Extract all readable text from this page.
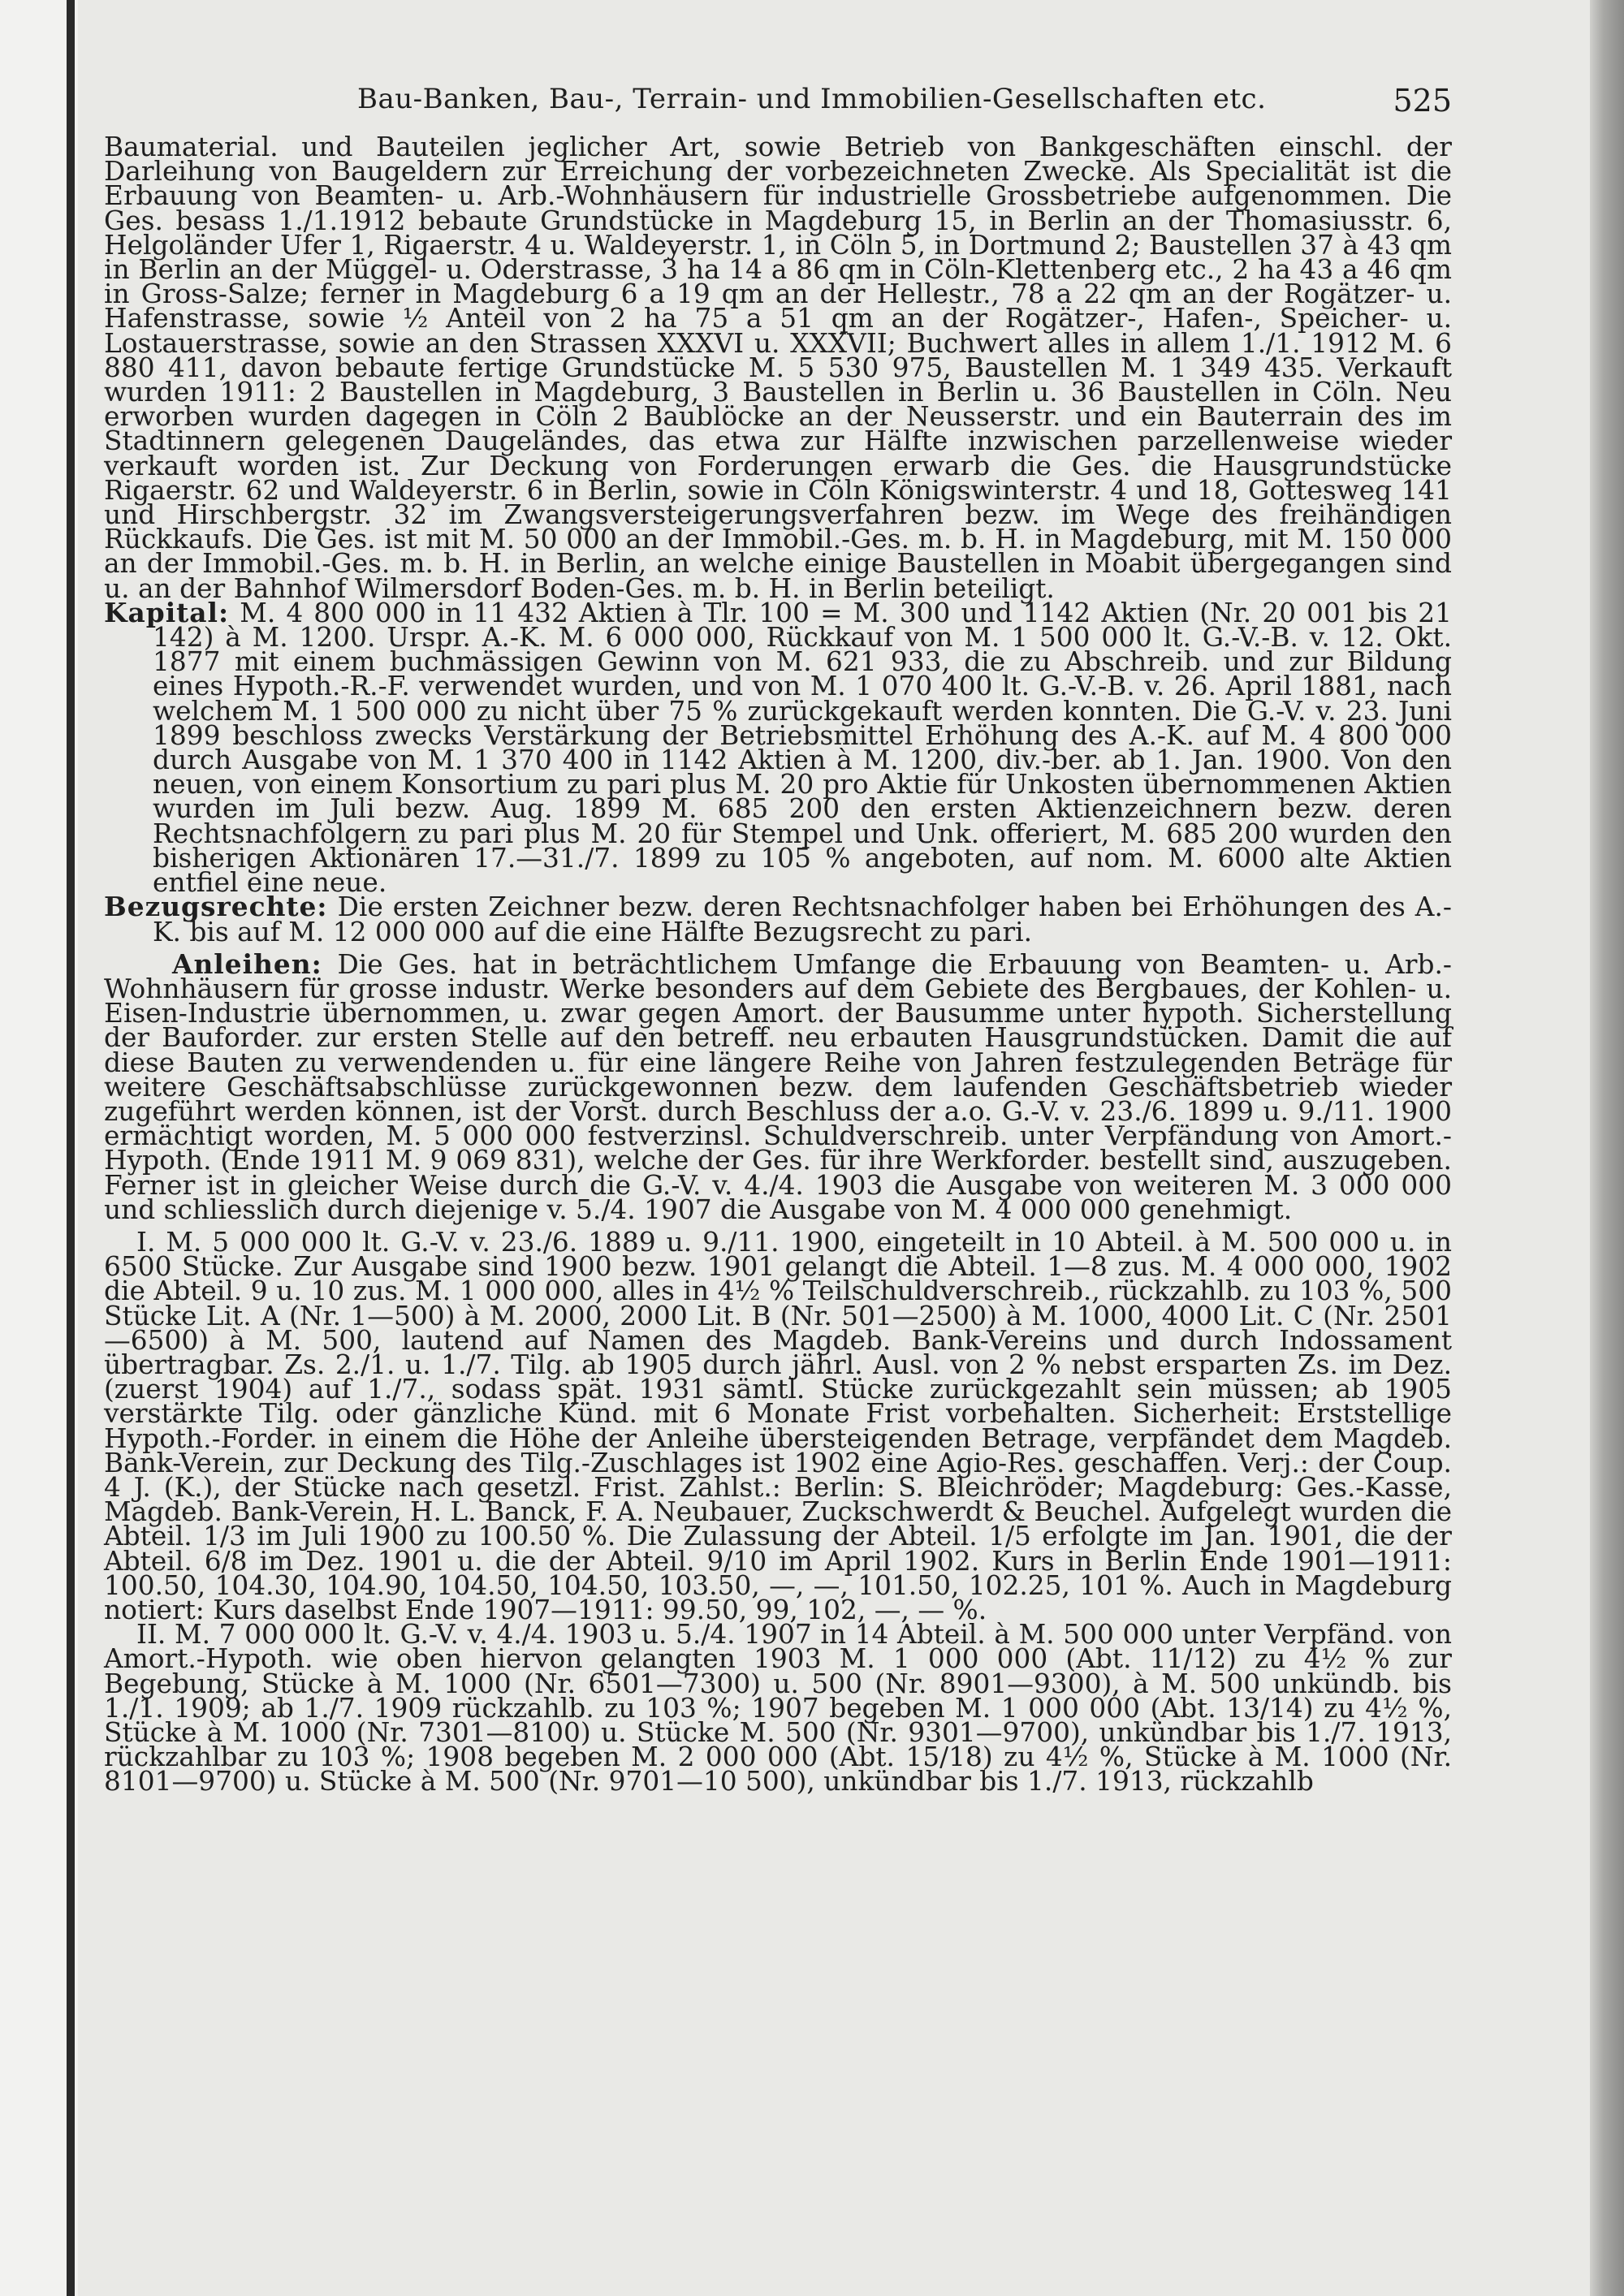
Bau-Banken, Bau-, Terrain- und Immobilien-Gesellschaften etc.	525

Baumaterial. und Bauteilen jeglicher Art, sowie Betrieb von Bankgeschäften einschl. der Darleihung von Baugeldern zur Erreichung der vorbezeichneten Zwecke. Als Specialität ist die Erbauung von Beamten- u. Arb.-Wohnhäusern für industrielle Grossbetriebe aufgenommen. Die Ges. besass 1./1.1912 bebaute Grundstücke in Magdeburg 15, in Berlin an der Thomasiusstr. 6, Helgoländer Ufer 1, Rigaerstr. 4 u. Waldeyerstr. 1, in Cöln 5, in Dortmund 2; Baustellen 37 à 43 qm in Berlin an der Müggel- u. Oderstrasse, 3 ha 14 a 86 qm in Cöln-Klettenberg etc., 2 ha 43 a 46 qm in Gross-Salze; ferner in Magdeburg 6 a 19 qm an der Hellestr., 78 a 22 qm an der Rogätzer- u. Hafenstrasse, sowie ½ Anteil von 2 ha 75 a 51 qm an der Rogätzer-, Hafen-, Speicher- u. Lostauerstrasse, sowie an den Strassen XXXVI u. XXXVII; Buchwert alles in allem 1./1. 1912 M. 6 880 411, davon bebaute fertige Grundstücke M. 5 530 975, Baustellen M. 1 349 435. Verkauft wurden 1911: 2 Baustellen in Magdeburg, 3 Baustellen in Berlin u. 36 Baustellen in Cöln. Neu erworben wurden dagegen in Cöln 2 Baublöcke an der Neusserstr. und ein Bauterrain des im Stadtinnern gelegenen Daugeländes, das etwa zur Hälfte inzwischen parzellenweise wieder verkauft worden ist. Zur Deckung von Forderungen erwarb die Ges. die Hausgrundstücke Rigaerstr. 62 und Waldeyerstr. 6 in Berlin, sowie in Cöln Königswinterstr. 4 und 18, Gottesweg 141 und Hirschbergstr. 32 im Zwangsversteigerungsverfahren bezw. im Wege des freihändigen Rückkaufs. Die Ges. ist mit M. 50 000 an der Immobil.-Ges. m. b. H. in Magdeburg, mit M. 150 000 an der Immobil.-Ges. m. b. H. in Berlin, an welche einige Baustellen in Moabit übergegangen sind u. an der Bahnhof Wilmersdorf Boden-Ges. m. b. H. in Berlin beteiligt.

Kapital: M. 4 800 000 in 11 432 Aktien à Tlr. 100 = M. 300 und 1142 Aktien (Nr. 20 001 bis 21 142) à M. 1200. Urspr. A.-K. M. 6 000 000, Rückkauf von M. 1 500 000 lt. G.-V.-B. v. 12. Okt. 1877 mit einem buchmässigen Gewinn von M. 621 933, die zu Abschreib. und zur Bildung eines Hypoth.-R.-F. verwendet wurden, und von M. 1 070 400 lt. G.-V.-B. v. 26. April 1881, nach welchem M. 1 500 000 zu nicht über 75 % zurückgekauft werden konnten. Die G.-V. v. 23. Juni 1899 beschloss zwecks Verstärkung der Betriebsmittel Erhöhung des A.-K. auf M. 4 800 000 durch Ausgabe von M. 1 370 400 in 1142 Aktien à M. 1200, div.-ber. ab 1. Jan. 1900. Von den neuen, von einem Konsortium zu pari plus M. 20 pro Aktie für Unkosten übernommenen Aktien wurden im Juli bezw. Aug. 1899 M. 685 200 den ersten Aktienzeichnern bezw. deren Rechtsnachfolgern zu pari plus M. 20 für Stempel und Unk. offeriert, M. 685 200 wurden den bisherigen Aktionären 17.—31./7. 1899 zu 105 % angeboten, auf nom. M. 6000 alte Aktien entfiel eine neue.

Bezugsrechte: Die ersten Zeichner bezw. deren Rechtsnachfolger haben bei Erhöhungen des A.-K. bis auf M. 12 000 000 auf die eine Hälfte Bezugsrecht zu pari.

Anleihen: Die Ges. hat in beträchtlichem Umfange die Erbauung von Beamten- u. Arb.-Wohnhäusern für grosse industr. Werke besonders auf dem Gebiete des Bergbaues, der Kohlen- u. Eisen-Industrie übernommen, u. zwar gegen Amort. der Bausumme unter hypoth. Sicherstellung der Bauforder. zur ersten Stelle auf den betreff. neu erbauten Hausgrundstücken. Damit die auf diese Bauten zu verwendenden u. für eine längere Reihe von Jahren festzulegenden Beträge für weitere Geschäftsabschlüsse zurückgewonnen bezw. dem laufenden Geschäftsbetrieb wieder zugeführt werden können, ist der Vorst. durch Beschluss der a.o. G.-V. v. 23./6. 1899 u. 9./11. 1900 ermächtigt worden, M. 5 000 000 festverzinsl. Schuldverschreib. unter Verpfändung von Amort.-Hypoth. (Ende 1911 M. 9 069 831), welche der Ges. für ihre Werkforder. bestellt sind, auszugeben. Ferner ist in gleicher Weise durch die G.-V. v. 4./4. 1903 die Ausgabe von weiteren M. 3 000 000 und schliesslich durch diejenige v. 5./4. 1907 die Ausgabe von M. 4 000 000 genehmigt.

I. M. 5 000 000 lt. G.-V. v. 23./6. 1889 u. 9./11. 1900, eingeteilt in 10 Abteil. à M. 500 000 u. in 6500 Stücke. Zur Ausgabe sind 1900 bezw. 1901 gelangt die Abteil. 1—8 zus. M. 4 000 000, 1902 die Abteil. 9 u. 10 zus. M. 1 000 000, alles in 4½ % Teilschuldverschreib., rückzahlb. zu 103 %, 500 Stücke Lit. A (Nr. 1—500) à M. 2000, 2000 Lit. B (Nr. 501—2500) à M. 1000, 4000 Lit. C (Nr. 2501—6500) à M. 500, lautend auf Namen des Magdeb. Bank-Vereins und durch Indossament übertragbar. Zs. 2./1. u. 1./7. Tilg. ab 1905 durch jährl. Ausl. von 2 % nebst ersparten Zs. im Dez. (zuerst 1904) auf 1./7., sodass spät. 1931 sämtl. Stücke zurückgezahlt sein müssen; ab 1905 verstärkte Tilg. oder gänzliche Künd. mit 6 Monate Frist vorbehalten. Sicherheit: Erststellige Hypoth.-Forder. in einem die Höhe der Anleihe übersteigenden Betrage, verpfändet dem Magdeb. Bank-Verein, zur Deckung des Tilg.-Zuschlages ist 1902 eine Agio-Res. geschaffen. Verj.: der Coup. 4 J. (K.), der Stücke nach gesetzl. Frist. Zahlst.: Berlin: S. Bleichröder; Magdeburg: Ges.-Kasse, Magdeb. Bank-Verein, H. L. Banck, F. A. Neubauer, Zuckschwerdt & Beuchel. Aufgelegt wurden die Abteil. 1/3 im Juli 1900 zu 100.50 %. Die Zulassung der Abteil. 1/5 erfolgte im Jan. 1901, die der Abteil. 6/8 im Dez. 1901 u. die der Abteil. 9/10 im April 1902. Kurs in Berlin Ende 1901—1911: 100.50, 104.30, 104.90, 104.50, 104.50, 103.50, —, —, 101.50, 102.25, 101 %. Auch in Magdeburg notiert: Kurs daselbst Ende 1907—1911: 99.50, 99, 102, —, — %.

II. M. 7 000 000 lt. G.-V. v. 4./4. 1903 u. 5./4. 1907 in 14 Abteil. à M. 500 000 unter Verpfänd. von Amort.-Hypoth. wie oben hiervon gelangten 1903 M. 1 000 000 (Abt. 11/12) zu 4½ % zur Begebung, Stücke à M. 1000 (Nr. 6501—7300) u. 500 (Nr. 8901—9300), à M. 500 unkündb. bis 1./1. 1909; ab 1./7. 1909 rückzahlb. zu 103 %; 1907 begeben M. 1 000 000 (Abt. 13/14) zu 4½ %, Stücke à M. 1000 (Nr. 7301—8100) u. Stücke M. 500 (Nr. 9301—9700), unkündbar bis 1./7. 1913, rückzahlbar zu 103 %; 1908 begeben M. 2 000 000 (Abt. 15/18) zu 4½ %, Stücke à M. 1000 (Nr. 8101—9700) u. Stücke à M. 500 (Nr. 9701—10 500), unkündbar bis 1./7. 1913, rückzahlb
